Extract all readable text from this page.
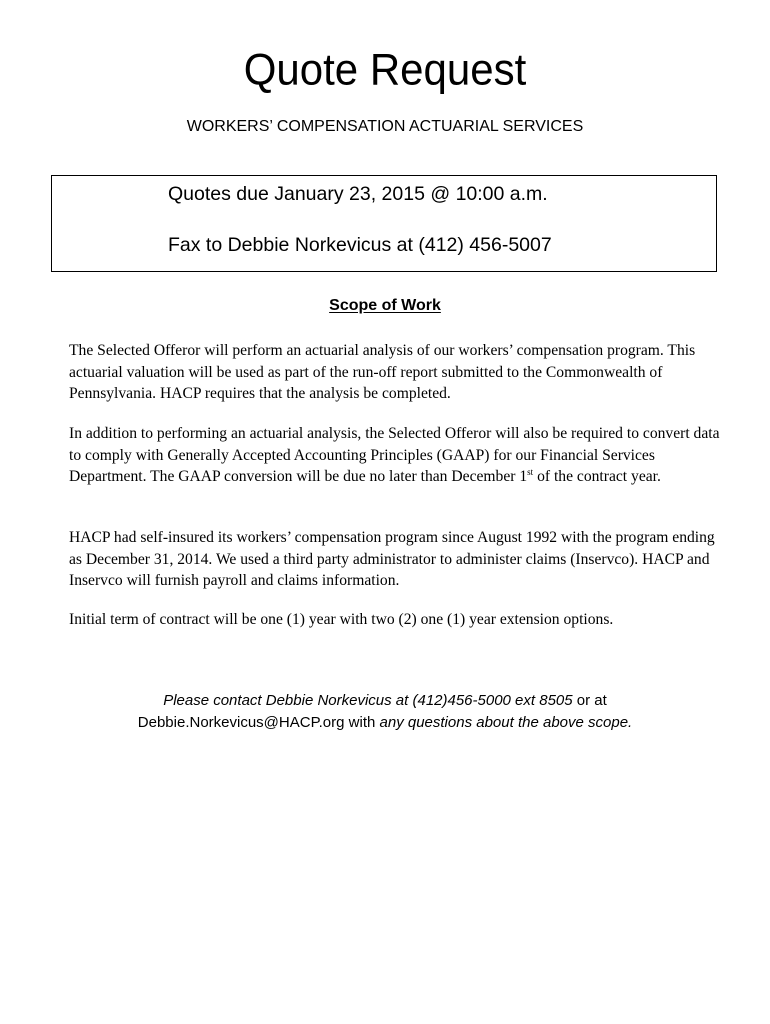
Quote Request
WORKERS’ COMPENSATION ACTUARIAL SERVICES
Quotes due January 23, 2015 @ 10:00 a.m.
Fax to Debbie Norkevicus at (412) 456-5007
Scope of Work

The Selected Offeror will perform an actuarial analysis of our workers’ compensation program. This actuarial valuation will be used as part of the run-off report submitted to the Commonwealth of Pennsylvania. HACP requires that the analysis be completed.

In addition to performing an actuarial analysis, the Selected Offeror will also be required to convert data to comply with Generally Accepted Accounting Principles (GAAP) for our Financial Services Department. The GAAP conversion will be due no later than December 1st of the contract year.

HACP had self-insured its workers’ compensation program since August 1992 with the program ending as December 31, 2014. We used a third party administrator to administer claims (Inservco). HACP and Inservco will furnish payroll and claims information.

Initial term of contract will be one (1) year with two (2) one (1) year extension options.

Please contact Debbie Norkevicus at (412)456-5000 ext 8505 or at
Debbie.Norkevicus@HACP.org with any questions about the above scope.
